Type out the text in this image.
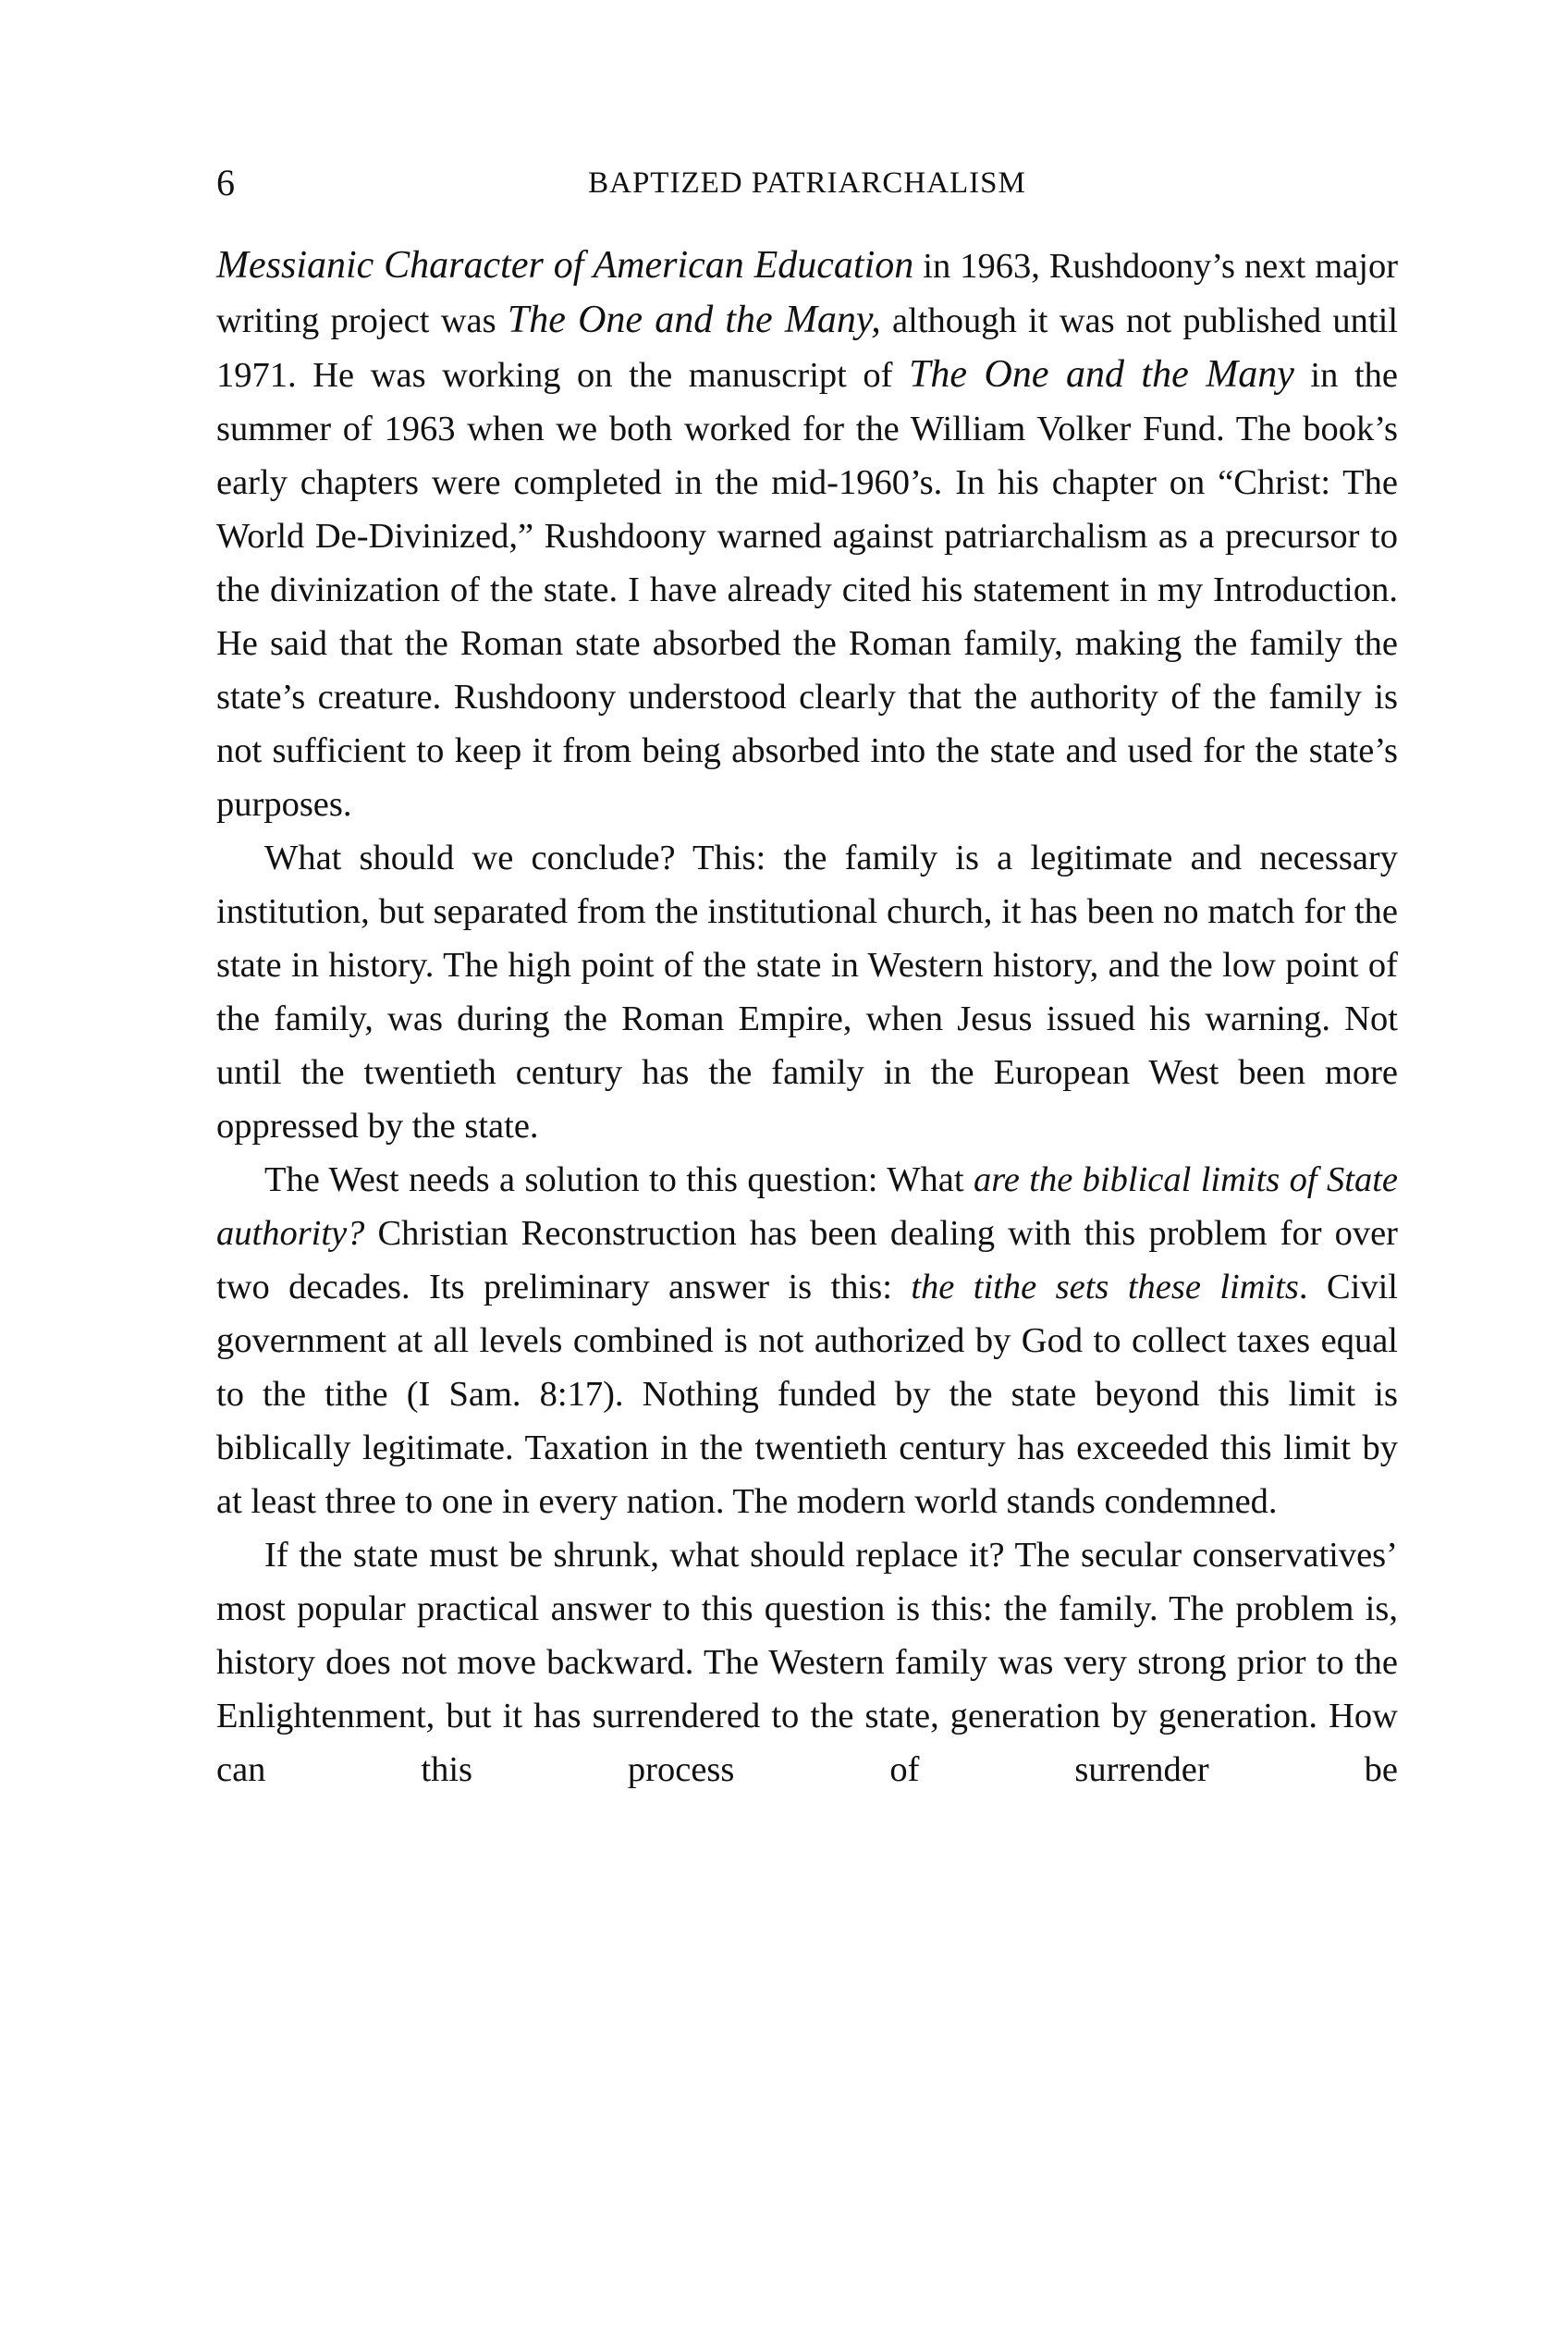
6	BAPTIZED PATRIARCHALISM

Messianic Character of American Education in 1963, Rushdoony’s next major writing project was The One and the Many, although it was not published until 1971. He was working on the manuscript of The One and the Many in the summer of 1963 when we both worked for the William Volker Fund. The book’s early chapters were completed in the mid-1960’s. In his chapter on “Christ: The World De-Divinized,” Rushdoony warned against patriarchalism as a precursor to the divinization of the state. I have already cited his statement in my Introduction. He said that the Roman state absorbed the Roman family, making the family the state’s creature. Rushdoony understood clearly that the authority of the family is not sufficient to keep it from being absorbed into the state and used for the state’s purposes.

What should we conclude? This: the family is a legitimate and necessary institution, but separated from the institutional church, it has been no match for the state in history. The high point of the state in Western history, and the low point of the family, was during the Roman Empire, when Jesus issued his warning. Not until the twentieth century has the family in the European West been more oppressed by the state.

The West needs a solution to this question: What are the biblical limits of State authority? Christian Reconstruction has been dealing with this problem for over two decades. Its preliminary answer is this: the tithe sets these limits. Civil government at all levels combined is not authorized by God to collect taxes equal to the tithe (I Sam. 8:17). Nothing funded by the state beyond this limit is biblically legitimate. Taxation in the twentieth century has exceeded this limit by at least three to one in every nation. The modern world stands condemned.

If the state must be shrunk, what should replace it? The secular conservatives’ most popular practical answer to this question is this: the family. The problem is, history does not move backward. The Western family was very strong prior to the Enlightenment, but it has surrendered to the state, generation by generation. How can this process of surrender be
